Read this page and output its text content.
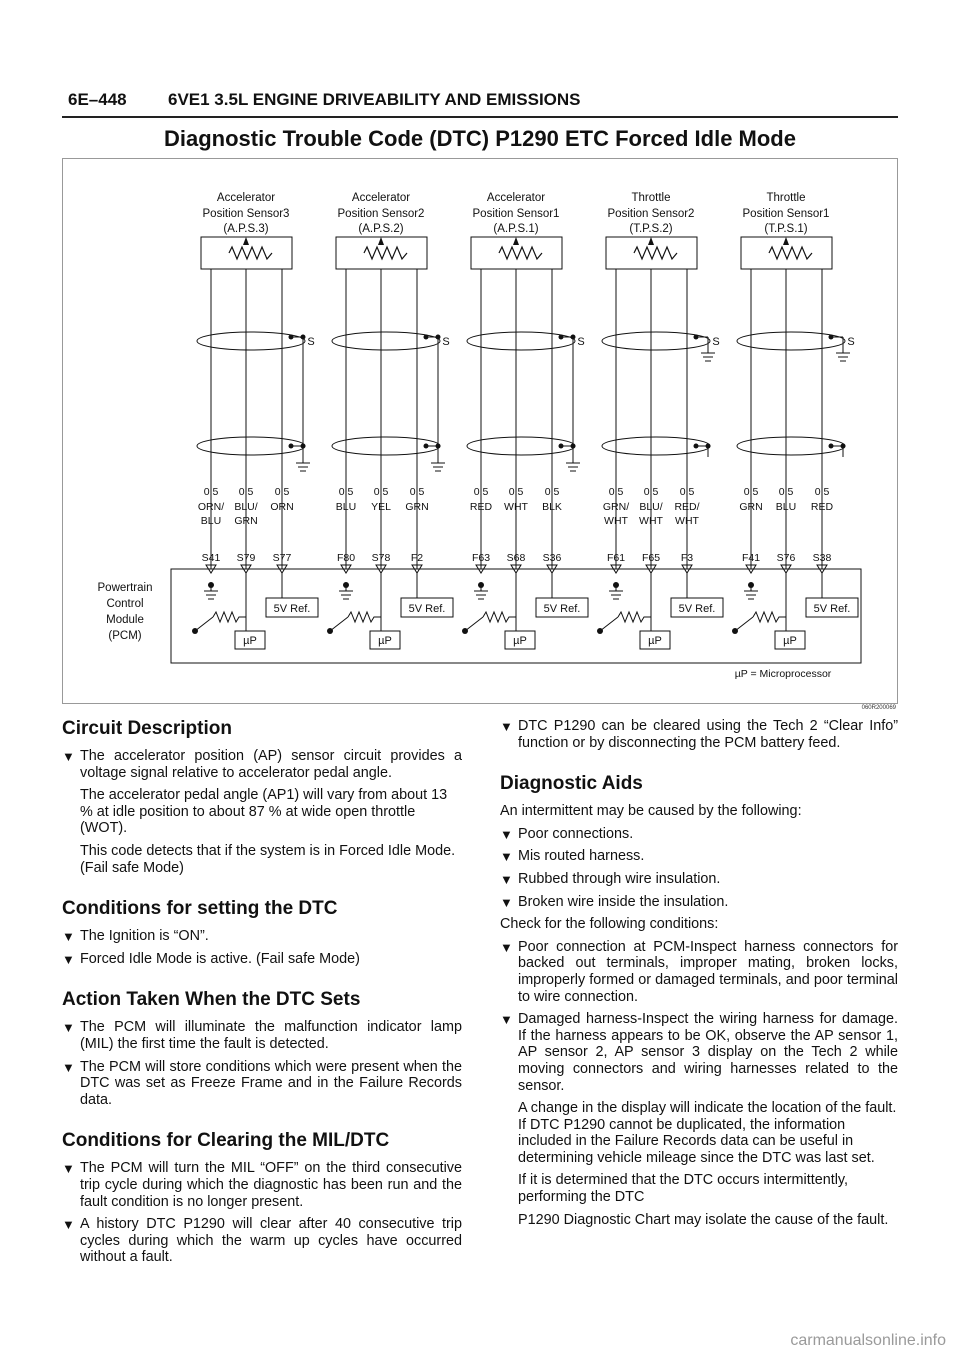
6E–448 6VE1 3.5L ENGINE DRIVEABILITY AND EMISSIONS
Diagnostic Trouble Code (DTC) P1290 ETC Forced Idle Mode
Powertrain
Control
Module
(PCM)
µP = Microprocessor
Accelerator
Position Sensor3
(A.P.S.3)
0.5
ORN/
BLU
S41
0.5
BLU/
GRN
S79
0.5
ORN
S77
S
5V Ref.
µP
Accelerator
Position Sensor2
(A.P.S.2)
0.5
BLU
F80
0.5
YEL
S78
0.5
GRN
F2
S
5V Ref.
µP
Accelerator
Position Sensor1
(A.P.S.1)
0.5
RED
F63
0.5
WHT
S68
0.5
BLK
S36
S
5V Ref.
µP
Throttle
Position Sensor2
(T.P.S.2)
0.5
GRN/
WHT
F61
0.5
BLU/
WHT
F65
0.5
RED/
WHT
F3
S
5V Ref.
µP
Throttle
Position Sensor1
(T.P.S.1)
0.5
GRN
F41
0.5
BLU
S76
0.5
RED
S38
S
5V Ref.
µP
060R200069
Circuit Description
▼ The accelerator position (AP) sensor circuit provides a voltage signal relative to accelerator pedal angle.
The accelerator pedal angle (AP1) will vary from about 13 % at idle position to about 87 % at wide open throttle (WOT).
This code detects that if the system is in Forced Idle Mode. (Fail safe Mode)
Conditions for setting the DTC
▼ The Ignition is “ON”.
▼ Forced Idle Mode is active. (Fail safe Mode)
Action Taken When the DTC Sets
▼ The PCM will illuminate the malfunction indicator lamp (MIL) the first time the fault is detected.
▼ The PCM will store conditions which were present when the DTC was set as Freeze Frame and in the Failure Records data.
Conditions for Clearing the MIL/DTC
▼ The PCM will turn the MIL “OFF” on the third consecutive trip cycle during which the diagnostic has been run and the fault condition is no longer present.
▼ A history DTC P1290 will clear after 40 consecutive trip cycles during which the warm up cycles have occurred without a fault.
▼ DTC P1290 can be cleared using the Tech 2 “Clear Info” function or by disconnecting the PCM battery feed.
Diagnostic Aids
An intermittent may be caused by the following:
▼ Poor connections.
▼ Mis routed harness.
▼ Rubbed through wire insulation.
▼ Broken wire inside the insulation.
Check for the following conditions:
▼ Poor connection at PCM-Inspect harness connectors for backed out terminals, improper mating, broken locks, improperly formed or damaged terminals, and poor terminal to wire connection.
▼ Damaged harness-Inspect the wiring harness for damage. If the harness appears to be OK, observe the AP sensor 1, AP sensor 2, AP sensor 3 display on the Tech 2 while moving connectors and wiring harnesses related to the sensor.
A change in the display will indicate the location of the fault. If DTC P1290 cannot be duplicated, the information included in the Failure Records data can be useful in determining vehicle mileage since the DTC was last set.
If it is determined that the DTC occurs intermittently, performing the DTC
P1290 Diagnostic Chart may isolate the cause of the fault.
carmanualsonline.info
